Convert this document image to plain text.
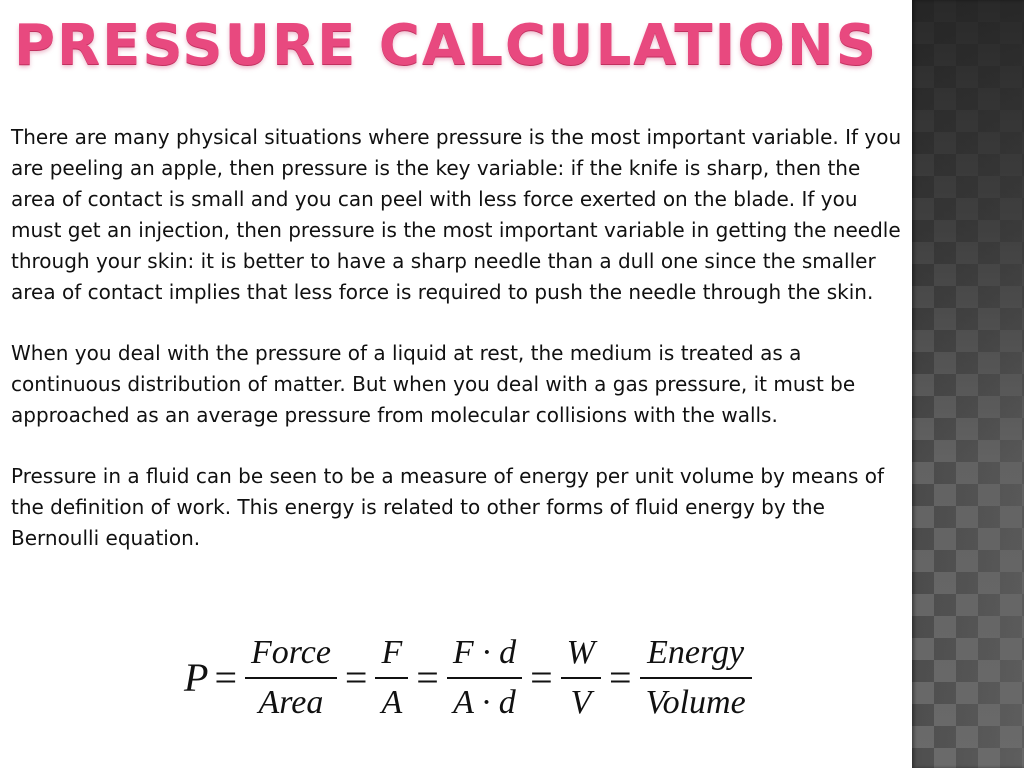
PRESSURE CALCULATIONS

There are many physical situations where pressure is the most important variable. If you are peeling an apple, then pressure is the key variable: if the knife is sharp, then the area of contact is small and you can peel with less force exerted on the blade. If you must get an injection, then pressure is the most important variable in getting the needle through your skin: it is better to have a sharp needle than a dull one since the smaller area of contact implies that less force is required to push the needle through the skin.

When you deal with the pressure of a liquid at rest, the medium is treated as a continuous distribution of matter. But when you deal with a gas pressure, it must be approached as an average pressure from molecular collisions with the walls.

Pressure in a fluid can be seen to be a measure of energy per unit volume by means of the definition of work. This energy is related to other forms of fluid energy by the Bernoulli equation.

$P = \frac{\text{Force}}{\text{Area}} = \frac{F}{A} = \frac{F \cdot d}{A \cdot d} = \frac{W}{V} = \frac{\text{Energy}}{\text{Volume}}$
